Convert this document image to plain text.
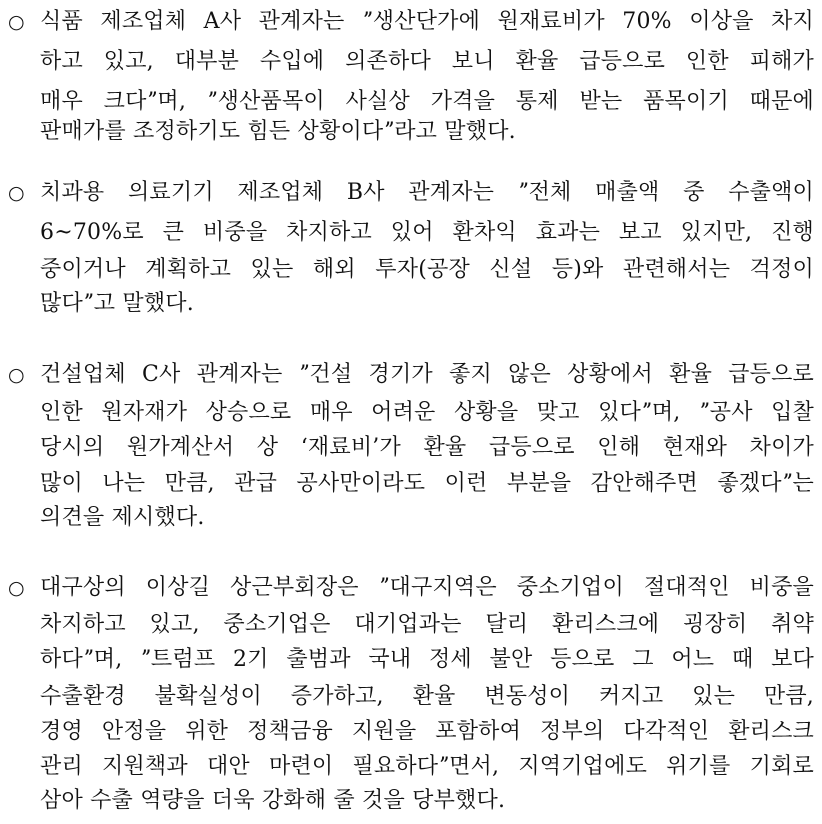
○ 식품 제조업체 A사 관계자는 ˮ생산단가에 원재료비가 70% 이상을 차지
하고 있고, 대부분 수입에 의존하다 보니 환율 급등으로 인한 피해가
매우 크다ˮ며, ˮ생산품목이 사실상 가격을 통제 받는 품목이기 때문에
판매가를 조정하기도 힘든 상황이다ˮ라고 말했다.
○ 치과용 의료기기 제조업체 B사 관계자는 ˮ전체 매출액 중 수출액이
6~70%로 큰 비중을 차지하고 있어 환차익 효과는 보고 있지만, 진행
중이거나 계획하고 있는 해외 투자(공장 신설 등)와 관련해서는 걱정이
많다ˮ고 말했다.
○ 건설업체 C사 관계자는 ˮ건설 경기가 좋지 않은 상황에서 환율 급등으로
인한 원자재가 상승으로 매우 어려운 상황을 맞고 있다ˮ며, ˮ공사 입찰
당시의 원가계산서 상 ‘재료비’가 환율 급등으로 인해 현재와 차이가
많이 나는 만큼, 관급 공사만이라도 이런 부분을 감안해주면 좋겠다ˮ는
의견을 제시했다.
○ 대구상의 이상길 상근부회장은 ˮ대구지역은 중소기업이 절대적인 비중을
차지하고 있고, 중소기업은 대기업과는 달리 환리스크에 굉장히 취약
하다ˮ며, ˮ트럼프 2기 출범과 국내 정세 불안 등으로 그 어느 때 보다
수출환경 불확실성이 증가하고, 환율 변동성이 커지고 있는 만큼,
경영 안정을 위한 정책금융 지원을 포함하여 정부의 다각적인 환리스크
관리 지원책과 대안 마련이 필요하다ˮ면서, 지역기업에도 위기를 기회로
삼아 수출 역량을 더욱 강화해 줄 것을 당부했다.
